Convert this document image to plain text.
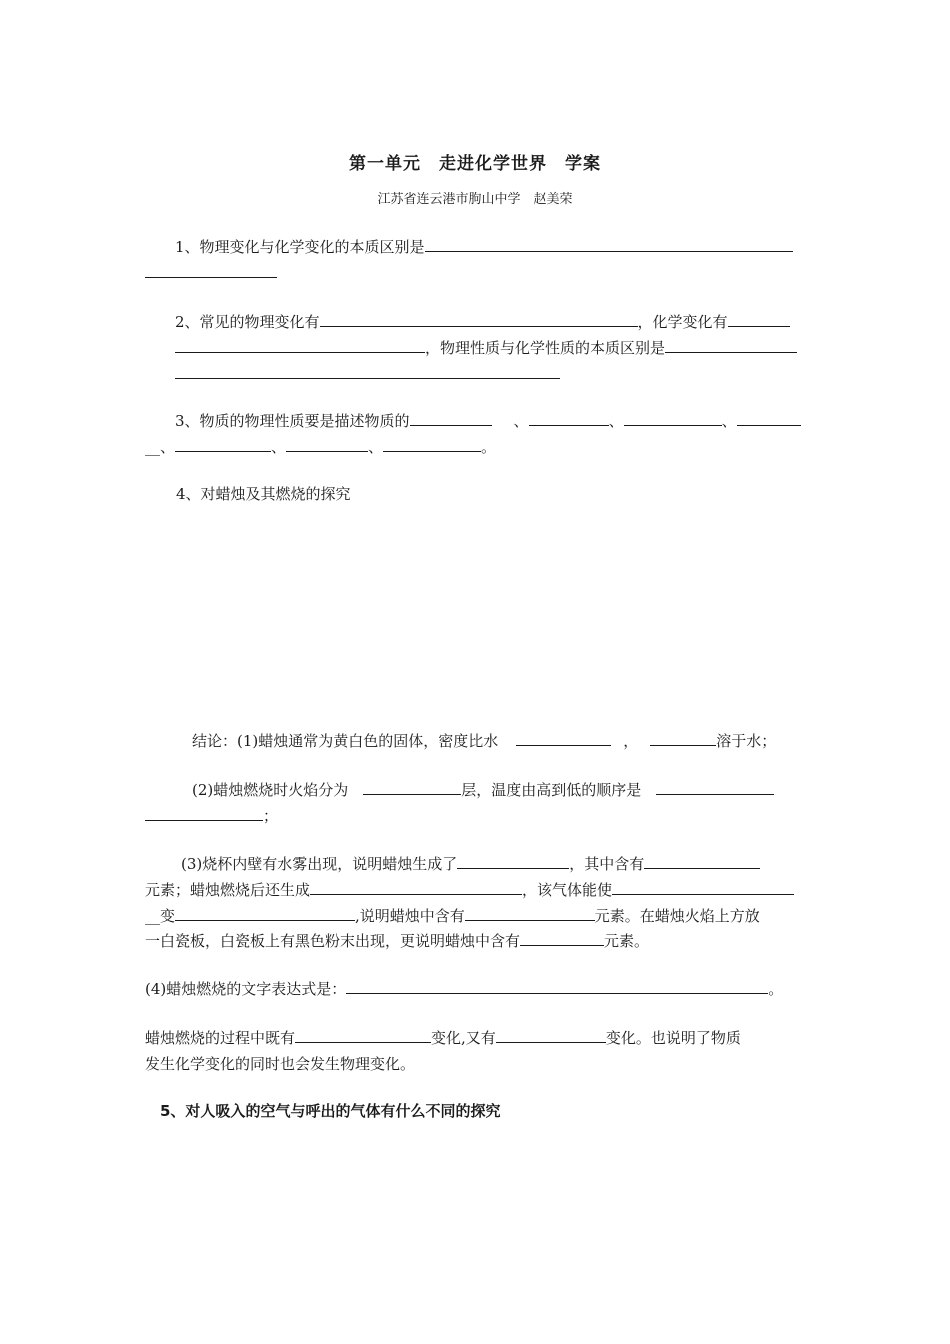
第一单元　走进化学世界　学案
江苏省连云港市朐山中学　赵美荣
1、物理变化与化学变化的本质区别是
2、常见的物理变化有	，化学变化有
，物理性质与化学性质的本质区别是
3、物质的物理性质要是描述物质的	、	、	、
__、	、	、	。
4、对蜡烛及其燃烧的探究
结论：(1)蜡烛通常为黄白色的固体，密度比水	，	溶于水；
(2)蜡烛燃烧时火焰分为	层，温度由高到低的顺序是
；
(3)烧杯内壁有水雾出现，说明蜡烛生成了	，其中含有
元素；蜡烛燃烧后还生成	，该气体能使
__变	,说明蜡烛中含有	元素。在蜡烛火焰上方放
一白瓷板，白瓷板上有黑色粉末出现，更说明蜡烛中含有	元素。
(4)蜡烛燃烧的文字表达式是：	。
蜡烛燃烧的过程中既有	变化,又有	变化。也说明了物质
发生化学变化的同时也会发生物理变化。
5、对人吸入的空气与呼出的气体有什么不同的探究
